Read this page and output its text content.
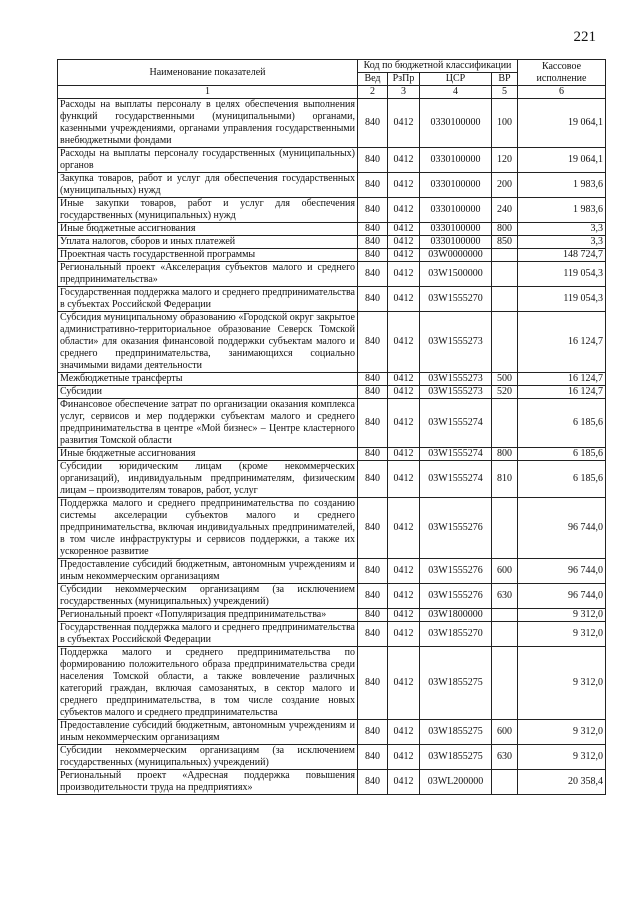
221
Наименование показателей	Код по бюджетной классификации				Кассовое исполнение
	Вед	РзПр	ЦСР	ВР	
1	2	3	4	5	6
Расходы на выплаты персоналу в целях обеспечения выполнения функций государственными (муниципальными) органами, казенными учреждениями, органами управления государственными внебюджетными фондами	840	0412	0330100000	100	19 064,1
Расходы на выплаты персоналу государственных (муниципальных) органов	840	0412	0330100000	120	19 064,1
Закупка товаров, работ и услуг для обеспечения государственных (муниципальных) нужд	840	0412	0330100000	200	1 983,6
Иные закупки товаров, работ и услуг для обеспечения государственных (муниципальных) нужд	840	0412	0330100000	240	1 983,6
Иные бюджетные ассигнования	840	0412	0330100000	800	3,3
Уплата налогов, сборов и иных платежей	840	0412	0330100000	850	3,3
Проектная часть государственной программы	840	0412	03W0000000		148 724,7
Региональный проект «Акселерация субъектов малого и среднего предпринимательства»	840	0412	03W1500000		119 054,3
Государственная поддержка малого и среднего предпринимательства в субъектах Российской Федерации	840	0412	03W1555270		119 054,3
Субсидия муниципальному образованию «Городской округ закрытое административно-территориальное образование Северск Томской области» для оказания финансовой поддержки субъектам малого и среднего предпринимательства, занимающихся социально значимыми видами деятельности	840	0412	03W1555273		16 124,7
Межбюджетные трансферты	840	0412	03W1555273	500	16 124,7
Субсидии	840	0412	03W1555273	520	16 124,7
Финансовое обеспечение затрат по организации оказания комплекса услуг, сервисов и мер поддержки субъектам малого и среднего предпринимательства в центре «Мой бизнес» – Центре кластерного развития Томской области	840	0412	03W1555274		6 185,6
Иные бюджетные ассигнования	840	0412	03W1555274	800	6 185,6
Субсидии юридическим лицам (кроме некоммерческих организаций), индивидуальным предпринимателям, физическим лицам – производителям товаров, работ, услуг	840	0412	03W1555274	810	6 185,6
Поддержка малого и среднего предпринимательства по созданию системы акселерации субъектов малого и среднего предпринимательства, включая индивидуальных предпринимателей, в том числе инфраструктуры и сервисов поддержки, а также их ускоренное развитие	840	0412	03W1555276		96 744,0
Предоставление субсидий бюджетным, автономным учреждениям и иным некоммерческим организациям	840	0412	03W1555276	600	96 744,0
Субсидии некоммерческим организациям (за исключением государственных (муниципальных) учреждений)	840	0412	03W1555276	630	96 744,0
Региональный проект «Популяризация предпринимательства»	840	0412	03W1800000		9 312,0
Государственная поддержка малого и среднего предпринимательства в субъектах Российской Федерации	840	0412	03W1855270		9 312,0
Поддержка малого и среднего предпринимательства по формированию положительного образа предпринимательства среди населения Томской области, а также вовлечение различных категорий граждан, включая самозанятых, в сектор малого и среднего предпринимательства, в том числе создание новых субъектов малого и среднего предпринимательства	840	0412	03W1855275		9 312,0
Предоставление субсидий бюджетным, автономным учреждениям и иным некоммерческим организациям	840	0412	03W1855275	600	9 312,0
Субсидии некоммерческим организациям (за исключением государственных (муниципальных) учреждений)	840	0412	03W1855275	630	9 312,0
Региональный проект «Адресная поддержка повышения производительности труда на предприятиях»	840	0412	03WL200000		20 358,4
